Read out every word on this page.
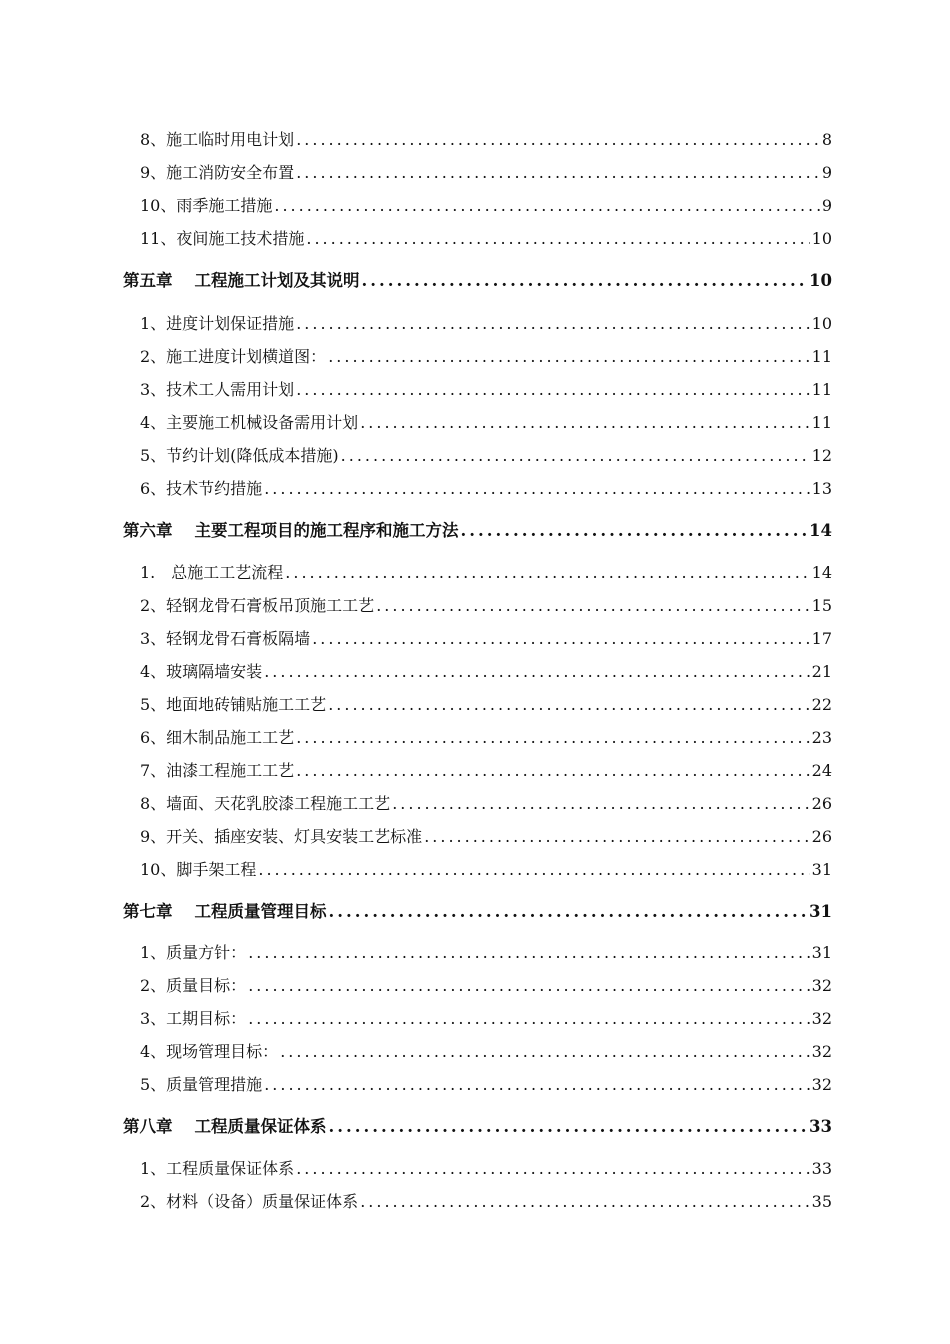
8、施工临时用电计划 .....	8
9、施工消防安全布置 .....	9
10、雨季施工措施 .....	9
11、夜间施工技术措施 .....	10
第五章 工程施工计划及其说明 .....	10
1、进度计划保证措施 .....	10
2、施工进度计划横道图： .....	11
3、技术工人需用计划 .....	11
4、主要施工机械设备需用计划 .....	11
5、节约计划(降低成本措施) .....	12
6、技术节约措施 .....	13
第六章 主要工程项目的施工程序和施工方法 .....	14
1.　总施工工艺流程 .....	14
2、轻钢龙骨石膏板吊顶施工工艺 .....	15
3、轻钢龙骨石膏板隔墙 .....	17
4、玻璃隔墙安装 .....	21
5、地面地砖铺贴施工工艺 .....	22
6、细木制品施工工艺 .....	23
7、油漆工程施工工艺 .....	24
8、墙面、天花乳胶漆工程施工工艺 .....	26
9、开关、插座安装、灯具安装工艺标准 .....	26
10、脚手架工程 .....	31
第七章 工程质量管理目标 .....	31
1、质量方针： .....	31
2、质量目标： .....	32
3、工期目标： .....	32
4、现场管理目标： .....	32
5、质量管理措施 .....	32
第八章 工程质量保证体系 .....	33
1、工程质量保证体系 .....	33
2、材料（设备）质量保证体系 .....	35
